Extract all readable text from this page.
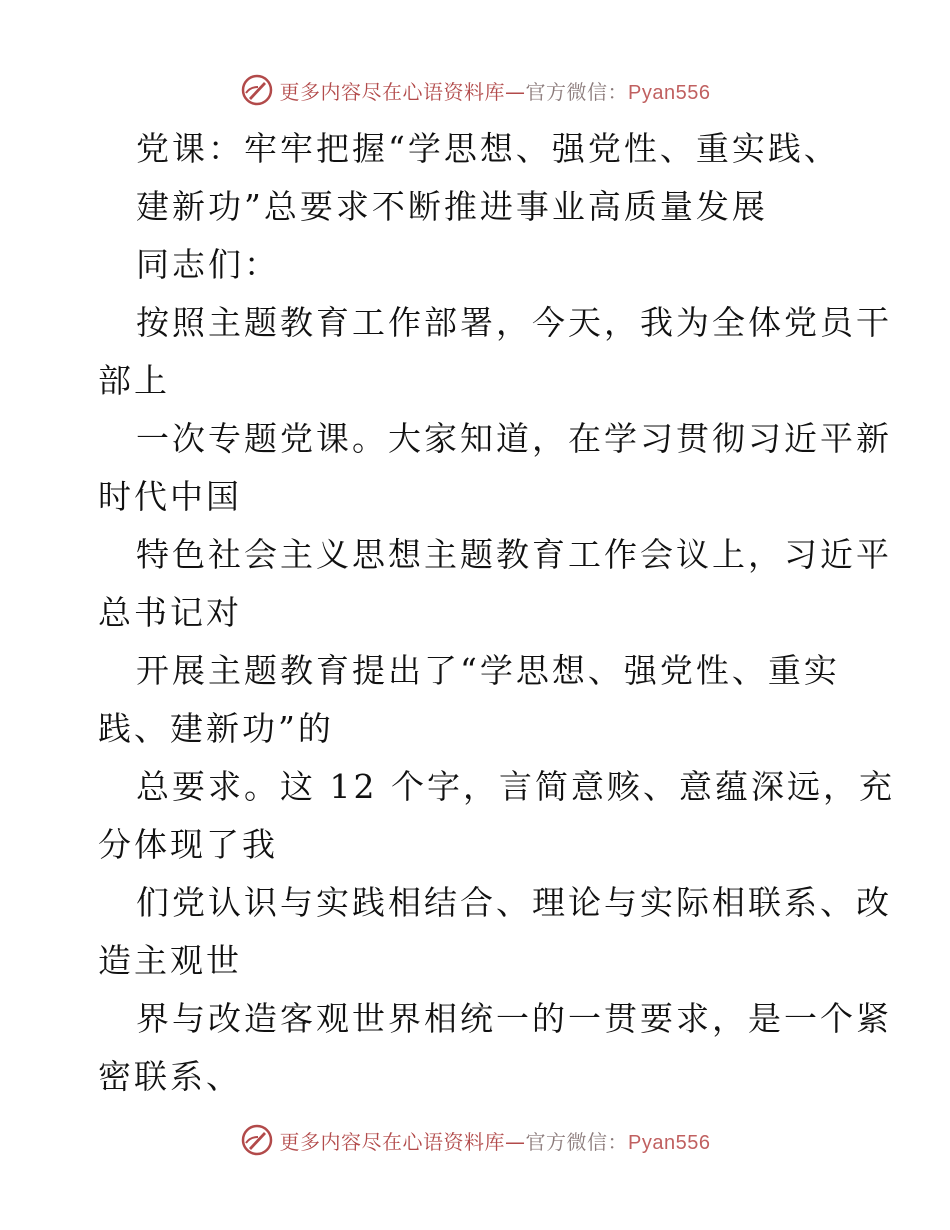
更多内容尽在心语资料库—官方微信：Pyan556
党课：牢牢把握“学思想、强党性、重实践、
建新功”总要求不断推进事业高质量发展
同志们：
按照主题教育工作部署，今天，我为全体党员干
部上
一次专题党课。大家知道，在学习贯彻习近平新
时代中国
特色社会主义思想主题教育工作会议上，习近平
总书记对
开展主题教育提出了“学思想、强党性、重实
践、建新功”的
总要求。这 12 个字，言简意赅、意蕴深远，充
分体现了我
们党认识与实践相结合、理论与实际相联系、改
造主观世
界与改造客观世界相统一的一贯要求，是一个紧
密联系、
更多内容尽在心语资料库—官方微信：Pyan556
